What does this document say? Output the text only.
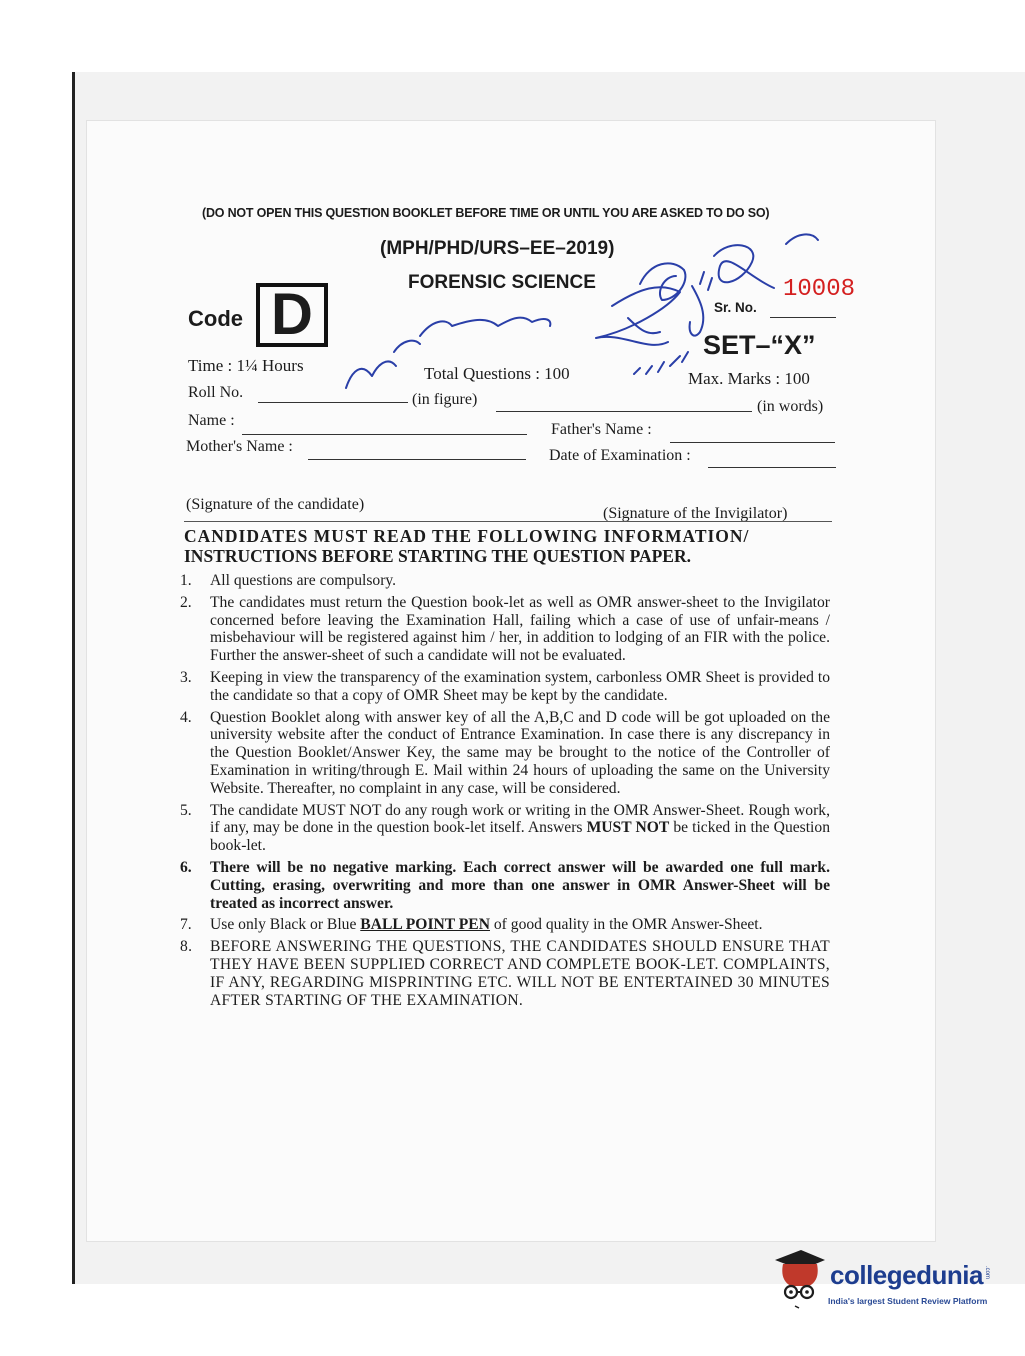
(DO NOT OPEN THIS QUESTION BOOKLET BEFORE TIME OR UNTIL YOU ARE ASKED TO DO SO)
(MPH/PHD/URS–EE–2019)
FORENSIC SCIENCE
Code D	10008
Sr. No.
SET–“X”
Time : 1¼ Hours	Total Questions : 100	Max. Marks : 100
Roll No.	(in figure)	(in words)
Name :
Father's Name :
Mother's Name :
Date of Examination :
(Signature of the candidate)
(Signature of the Invigilator)
CANDIDATES MUST READ THE FOLLOWING INFORMATION/
INSTRUCTIONS BEFORE STARTING THE QUESTION PAPER.
1. All questions are compulsory.
2. The candidates must return the Question book-let as well as OMR answer-sheet to the Invigilator concerned before leaving the Examination Hall, failing which a case of use of unfair-means / misbehaviour will be registered against him / her, in addition to lodging of an FIR with the police. Further the answer-sheet of such a candidate will not be evaluated.
3. Keeping in view the transparency of the examination system, carbonless OMR Sheet is provided to the candidate so that a copy of OMR Sheet may be kept by the candidate.
4. Question Booklet along with answer key of all the A,B,C and D code will be got uploaded on the university website after the conduct of Entrance Examination. In case there is any discrepancy in the Question Booklet/Answer Key, the same may be brought to the notice of the Controller of Examination in writing/through E. Mail within 24 hours of uploading the same on the University Website. Thereafter, no complaint in any case, will be considered.
5. The candidate MUST NOT do any rough work or writing in the OMR Answer-Sheet. Rough work, if any, may be done in the question book-let itself. Answers MUST NOT be ticked in the Question book-let.
6. There will be no negative marking. Each correct answer will be awarded one full mark. Cutting, erasing, overwriting and more than one answer in OMR Answer-Sheet will be treated as incorrect answer.
7. Use only Black or Blue BALL POINT PEN of good quality in the OMR Answer-Sheet.
8. BEFORE ANSWERING THE QUESTIONS, THE CANDIDATES SHOULD ENSURE THAT THEY HAVE BEEN SUPPLIED CORRECT AND COMPLETE BOOK-LET. COMPLAINTS, IF ANY, REGARDING MISPRINTING ETC. WILL NOT BE ENTERTAINED 30 MINUTES AFTER STARTING OF THE EXAMINATION.
collegedunia .com
India's largest Student Review Platform
